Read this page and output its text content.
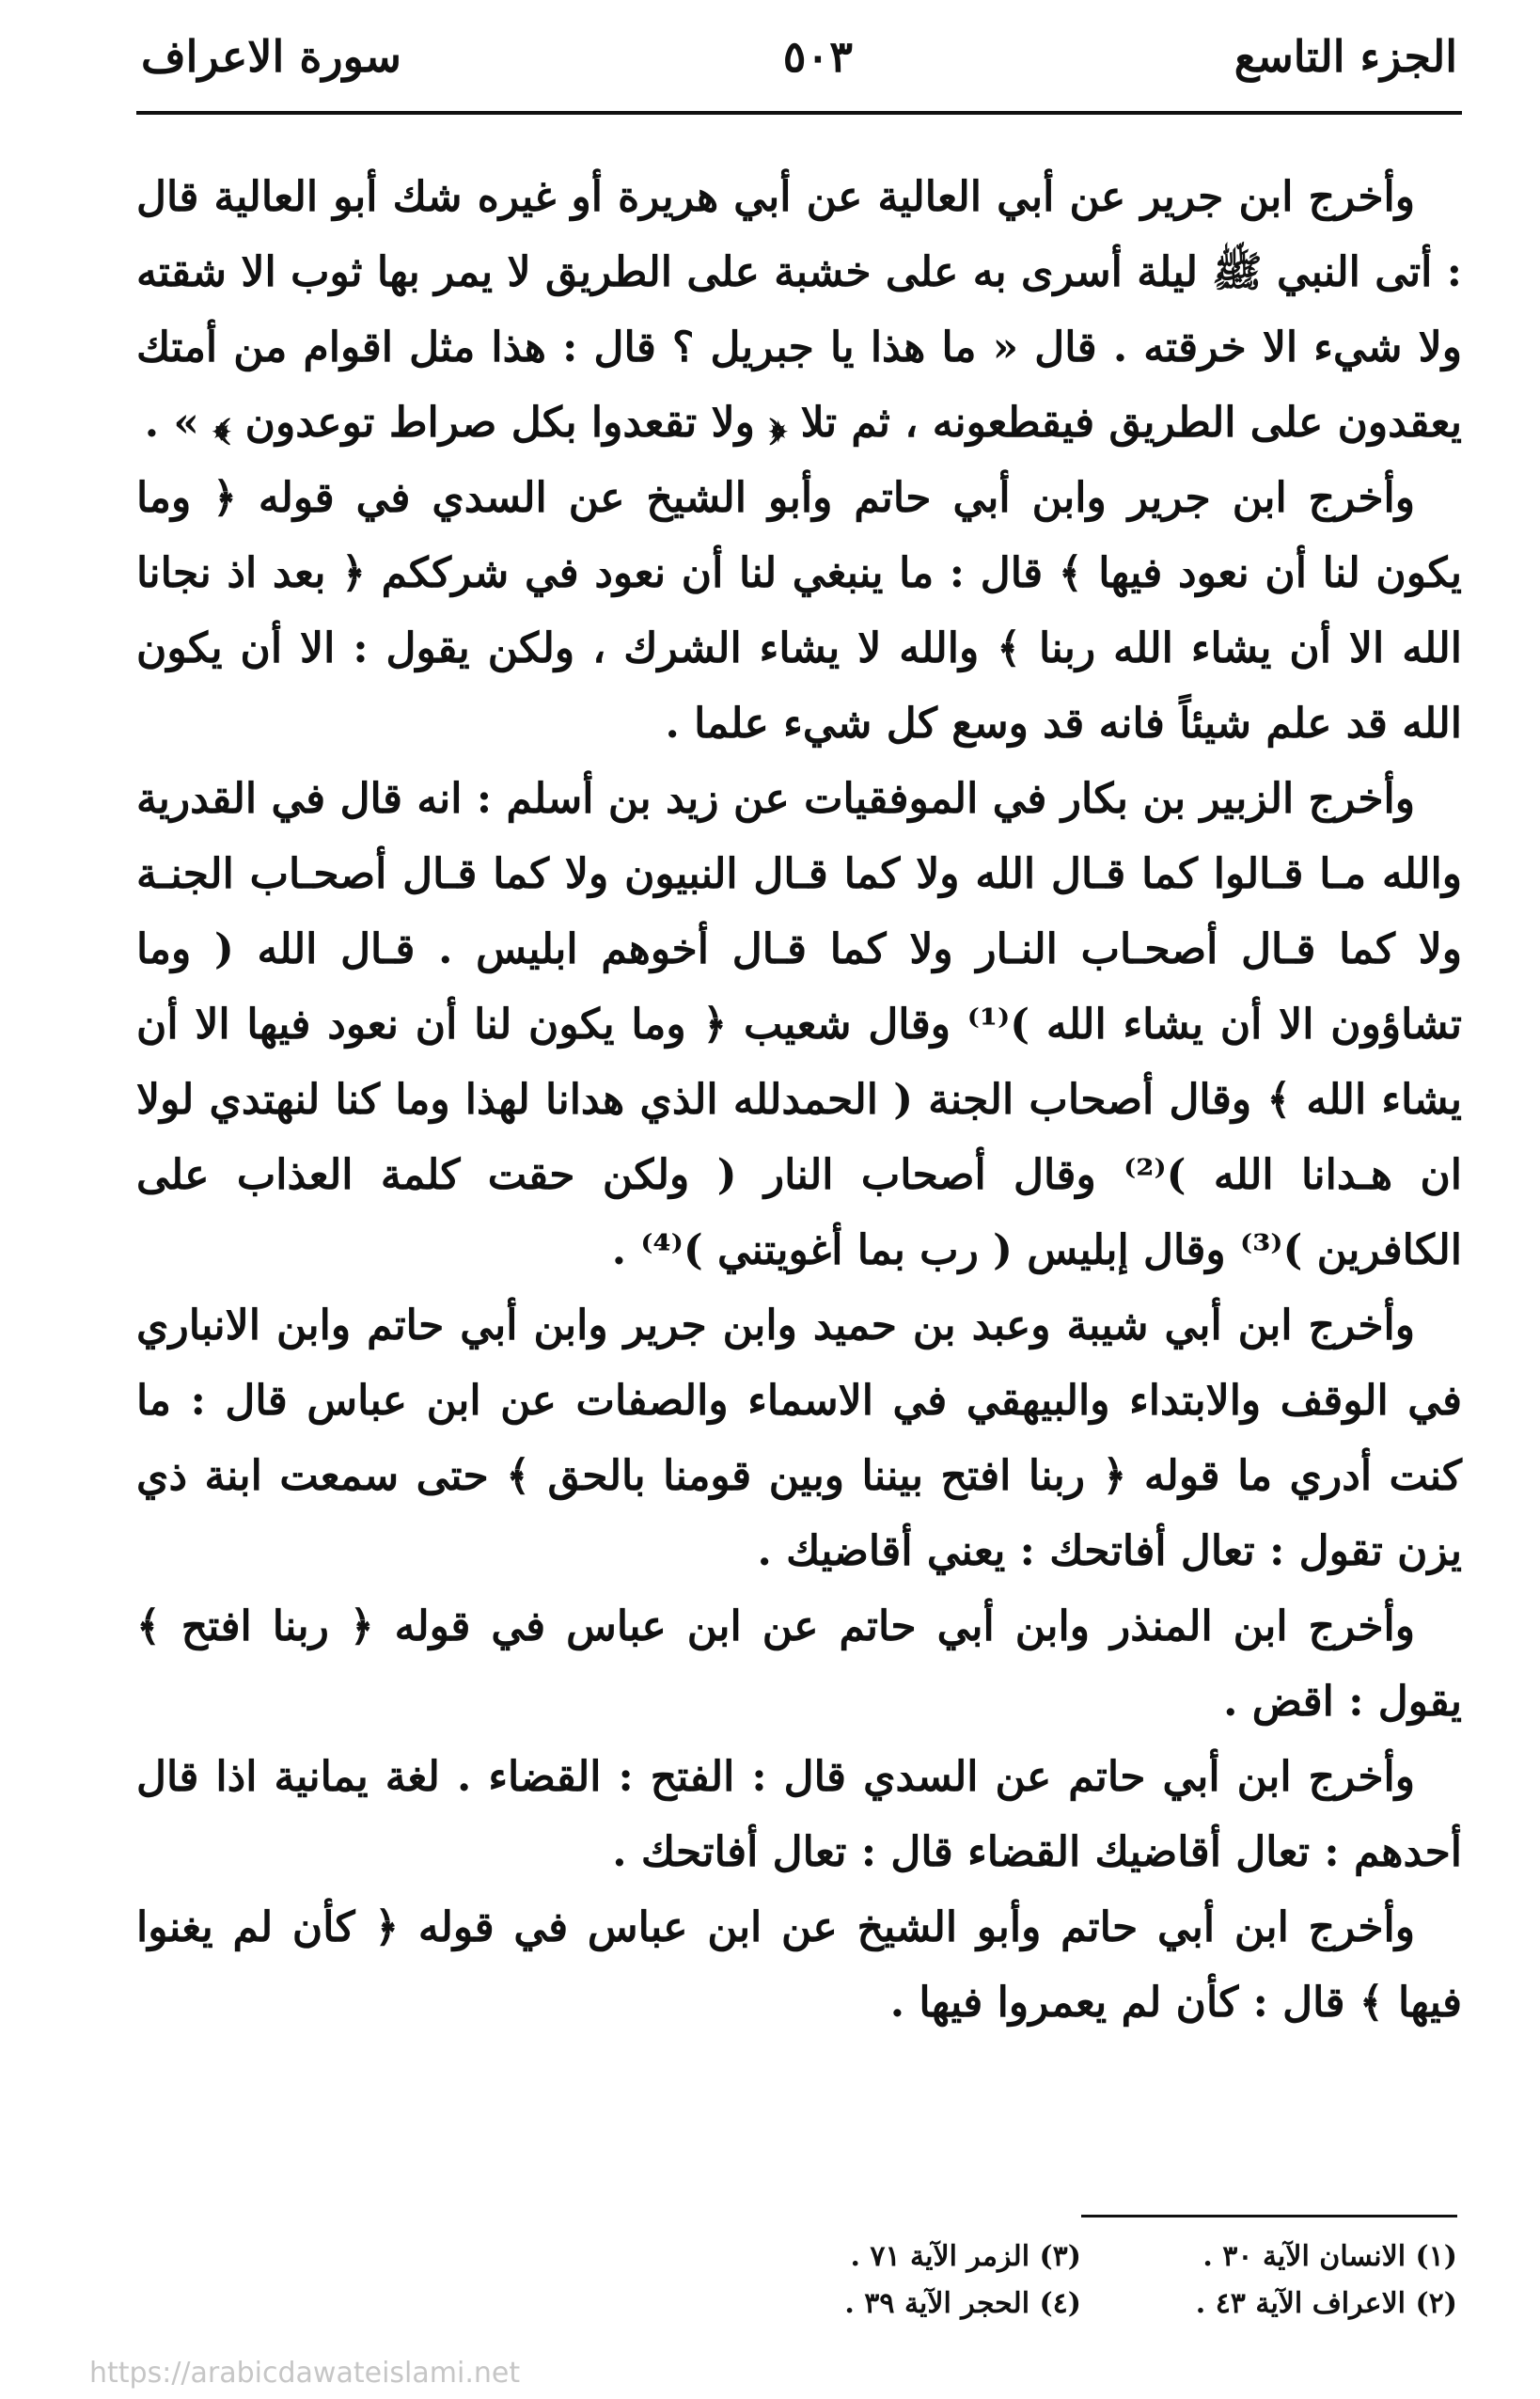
الجزء التاسع
٥٠٣
سورة الاعراف

وأخرج ابن جرير عن أبي العالية عن أبي هريرة أو غيره شك أبو العالية قال : أتى النبي ﷺ ليلة أسرى به على خشبة على الطريق لا يمر بها ثوب الا شقته ولا شيء الا خرقته . قال « ما هذا يا جبريل ؟ قال : هذا مثل اقوام من أمتك يعقدون على الطريق فيقطعونه ، ثم تلا ﴿ ولا تقعدوا بكل صراط توعدون ﴾ » .

وأخرج ابن جرير وابن أبي حاتم وأبو الشيخ عن السدي في قوله ﴿ وما يكون لنا أن نعود فيها ﴾ قال : ما ينبغي لنا أن نعود في شرككم ﴿ بعد اذ نجانا الله الا أن يشاء الله ربنا ﴾ والله لا يشاء الشرك ، ولكن يقول : الا أن يكون الله قد علم شيئاً فانه قد وسع كل شيء علما .

وأخرج الزبير بن بكار في الموفقيات عن زيد بن أسلم : انه قال في القدرية والله مـا قـالوا كما قـال الله ولا كما قـال النبيون ولا كما قـال أصحـاب الجنـة ولا كما قـال أصحـاب النـار ولا كما قـال أخوهم ابليس . قـال الله ( وما تشاؤون الا أن يشاء الله )⁽¹⁾ وقال شعيب ﴿ وما يكون لنا أن نعود فيها الا أن يشاء الله ﴾ وقال أصحاب الجنة ( الحمدلله الذي هدانا لهذا وما كنا لنهتدي لولا ان هـدانا الله )⁽²⁾ وقال أصحاب النار ( ولكن حقت كلمة العذاب على الكافرين )⁽³⁾ وقال إبليس ( رب بما أغويتني )⁽⁴⁾ .

وأخرج ابن أبي شيبة وعبد بن حميد وابن جرير وابن أبي حاتم وابن الانباري في الوقف والابتداء والبيهقي في الاسماء والصفات عن ابن عباس قال : ما كنت أدري ما قوله ﴿ ربنا افتح بيننا وبين قومنا بالحق ﴾ حتى سمعت ابنة ذي يزن تقول : تعال أفاتحك : يعني أقاضيك .

وأخرج ابن المنذر وابن أبي حاتم عن ابن عباس في قوله ﴿ ربنا افتح ﴾ يقول : اقض .

وأخرج ابن أبي حاتم عن السدي قال : الفتح : القضاء . لغة يمانية اذا قال أحدهم : تعال أقاضيك القضاء قال : تعال أفاتحك .

وأخرج ابن أبي حاتم وأبو الشيخ عن ابن عباس في قوله ﴿ كأن لم يغنوا فيها ﴾ قال : كأن لم يعمروا فيها .

(١) الانسان الآية ٣٠ .
(٣) الزمر الآية ٧١ .
(٢) الاعراف الآية ٤٣ .
(٤) الحجر الآية ٣٩ .
https://arabicdawateislami.net
